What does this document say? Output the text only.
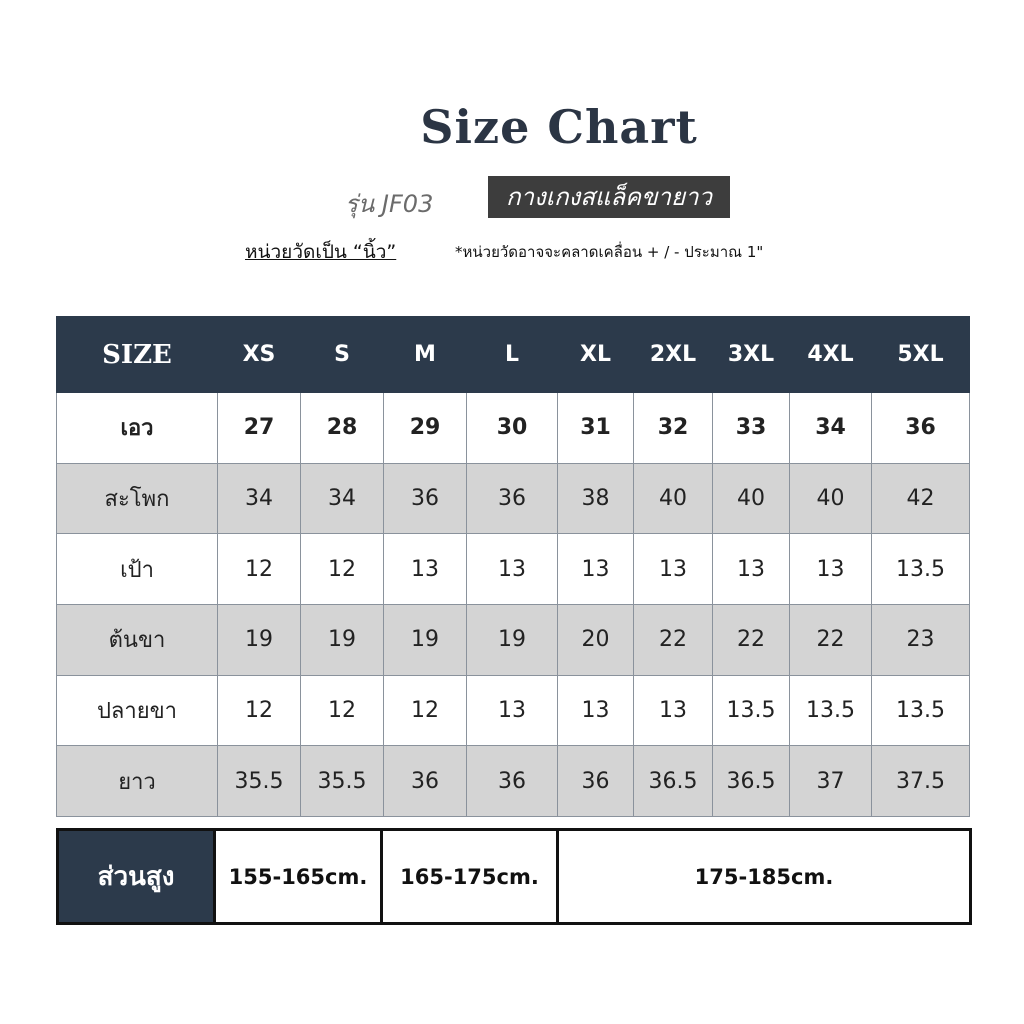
Size Chart
รุ่น JF03	กางเกงสแล็คขายาว
หน่วยวัดเป็น “นิ้ว”	*หน่วยวัดอาจจะคลาดเคลื่อน + / - ประมาณ 1"
SIZE	XS	S	M	L	XL	2XL	3XL	4XL	5XL
เอว	27	28	29	30	31	32	33	34	36
สะโพก	34	34	36	36	38	40	40	40	42
เป้า	12	12	13	13	13	13	13	13	13.5
ต้นขา	19	19	19	19	20	22	22	22	23
ปลายขา	12	12	12	13	13	13	13.5	13.5	13.5
ยาว	35.5	35.5	36	36	36	36.5	36.5	37	37.5
ส่วนสูง	155-165cm.	165-175cm.	175-185cm.
